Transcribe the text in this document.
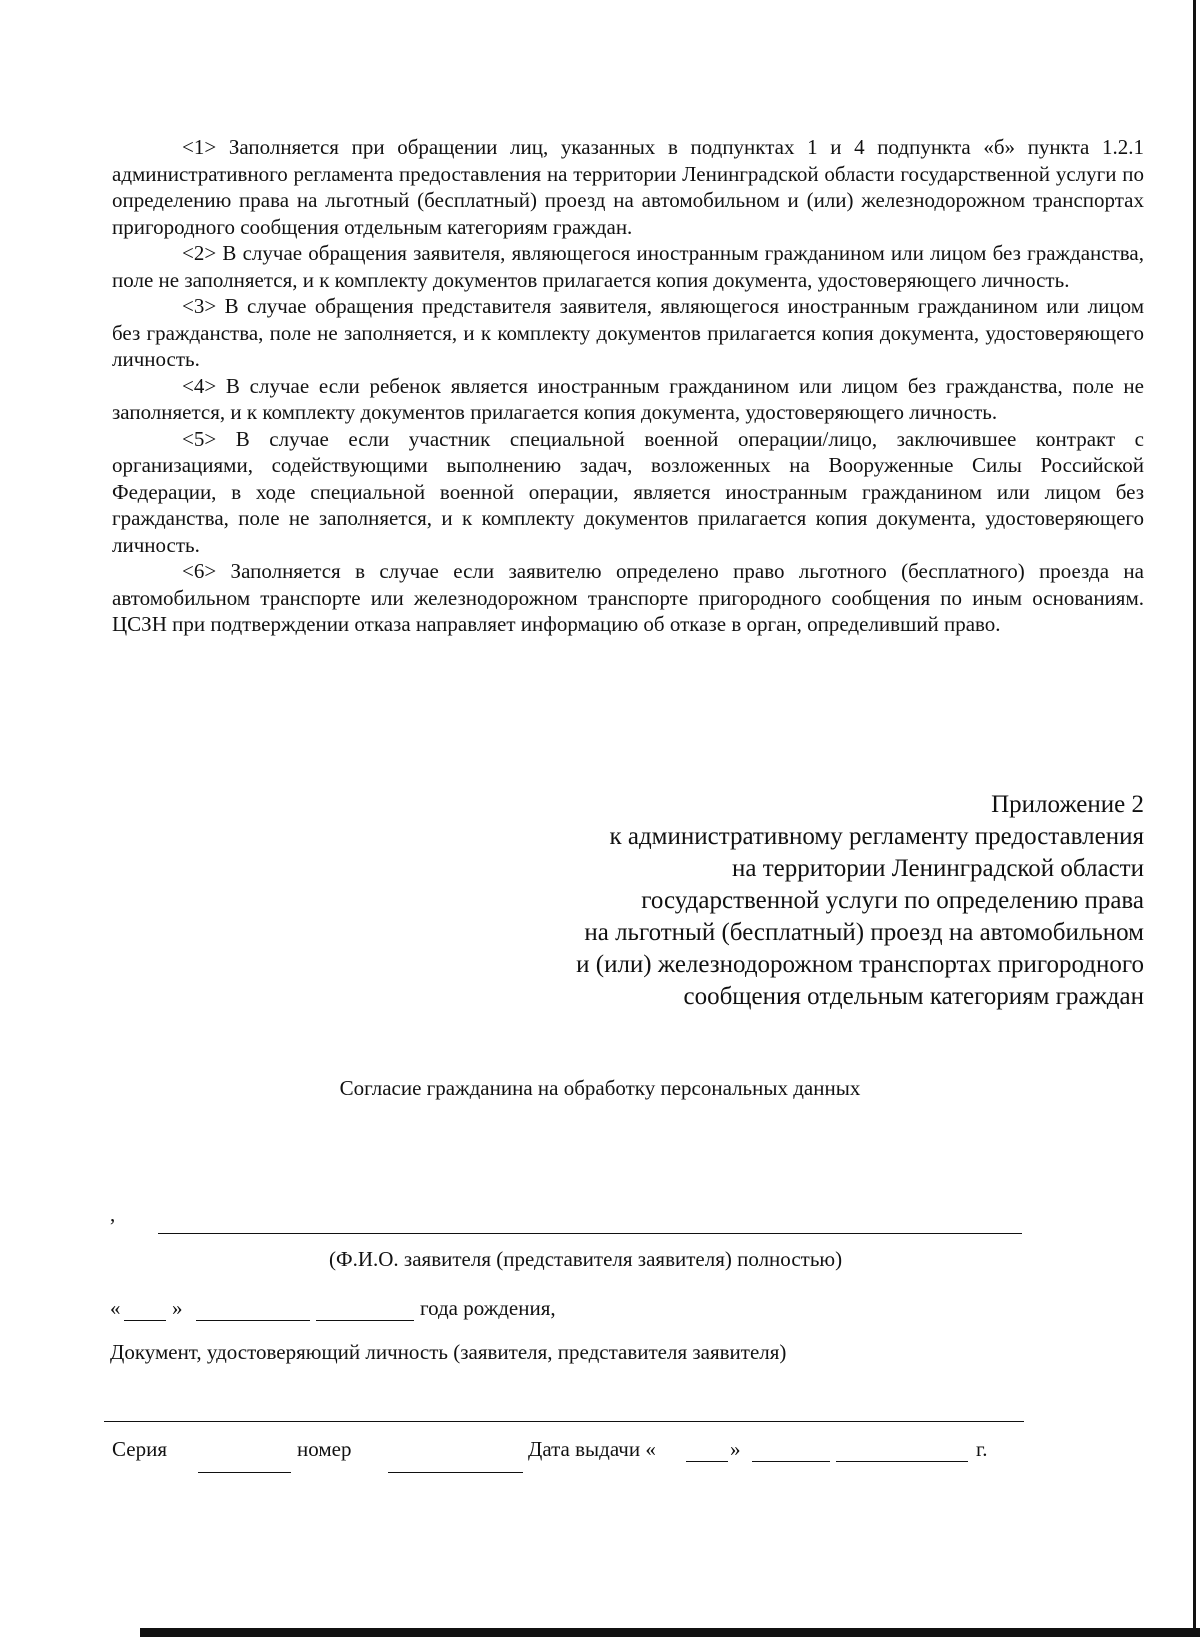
<1> Заполняется при обращении лиц, указанных в подпунктах 1 и 4 подпункта «б» пункта 1.2.1 административного регламента предоставления на территории Ленинградской области государственной услуги по определению права на льготный (бесплатный) проезд на автомобильном и (или) железнодорожном транспортах пригородного сообщения отдельным категориям граждан.

<2> В случае обращения заявителя, являющегося иностранным гражданином или лицом без гражданства, поле не заполняется, и к комплекту документов прилагается копия документа, удостоверяющего личность.

<3> В случае обращения представителя заявителя, являющегося иностранным гражданином или лицом без гражданства, поле не заполняется, и к комплекту документов прилагается копия документа, удостоверяющего личность.

<4> В случае если ребенок является иностранным гражданином или лицом без гражданства, поле не заполняется, и к комплекту документов прилагается копия документа, удостоверяющего личность.

<5> В случае если участник специальной военной операции/лицо, заключившее контракт с организациями, содействующими выполнению задач, возложенных на Вооруженные Силы Российской Федерации, в ходе специальной военной операции, является иностранным гражданином или лицом без гражданства, поле не заполняется, и к комплекту документов прилагается копия документа, удостоверяющего личность.

<6> Заполняется в случае если заявителю определено право льготного (бесплатного) проезда на автомобильном транспорте или железнодорожном транспорте пригородного сообщения по иным основаниям. ЦСЗН при подтверждении отказа направляет информацию об отказе в орган, определивший право.

Приложение 2
к административному регламенту предоставления
на территории Ленинградской области
государственной услуги по определению права
на льготный (бесплатный) проезд на автомобильном
и (или) железнодорожном транспортах пригородного
сообщения отдельным категориям граждан
Согласие гражданина на обработку персональных данных
,
(Ф.И.О. заявителя (представителя заявителя) полностью)
« »	года рождения,
Документ, удостоверяющий личность (заявителя, представителя заявителя)
Серия	номер	Дата выдачи «	»	г.
